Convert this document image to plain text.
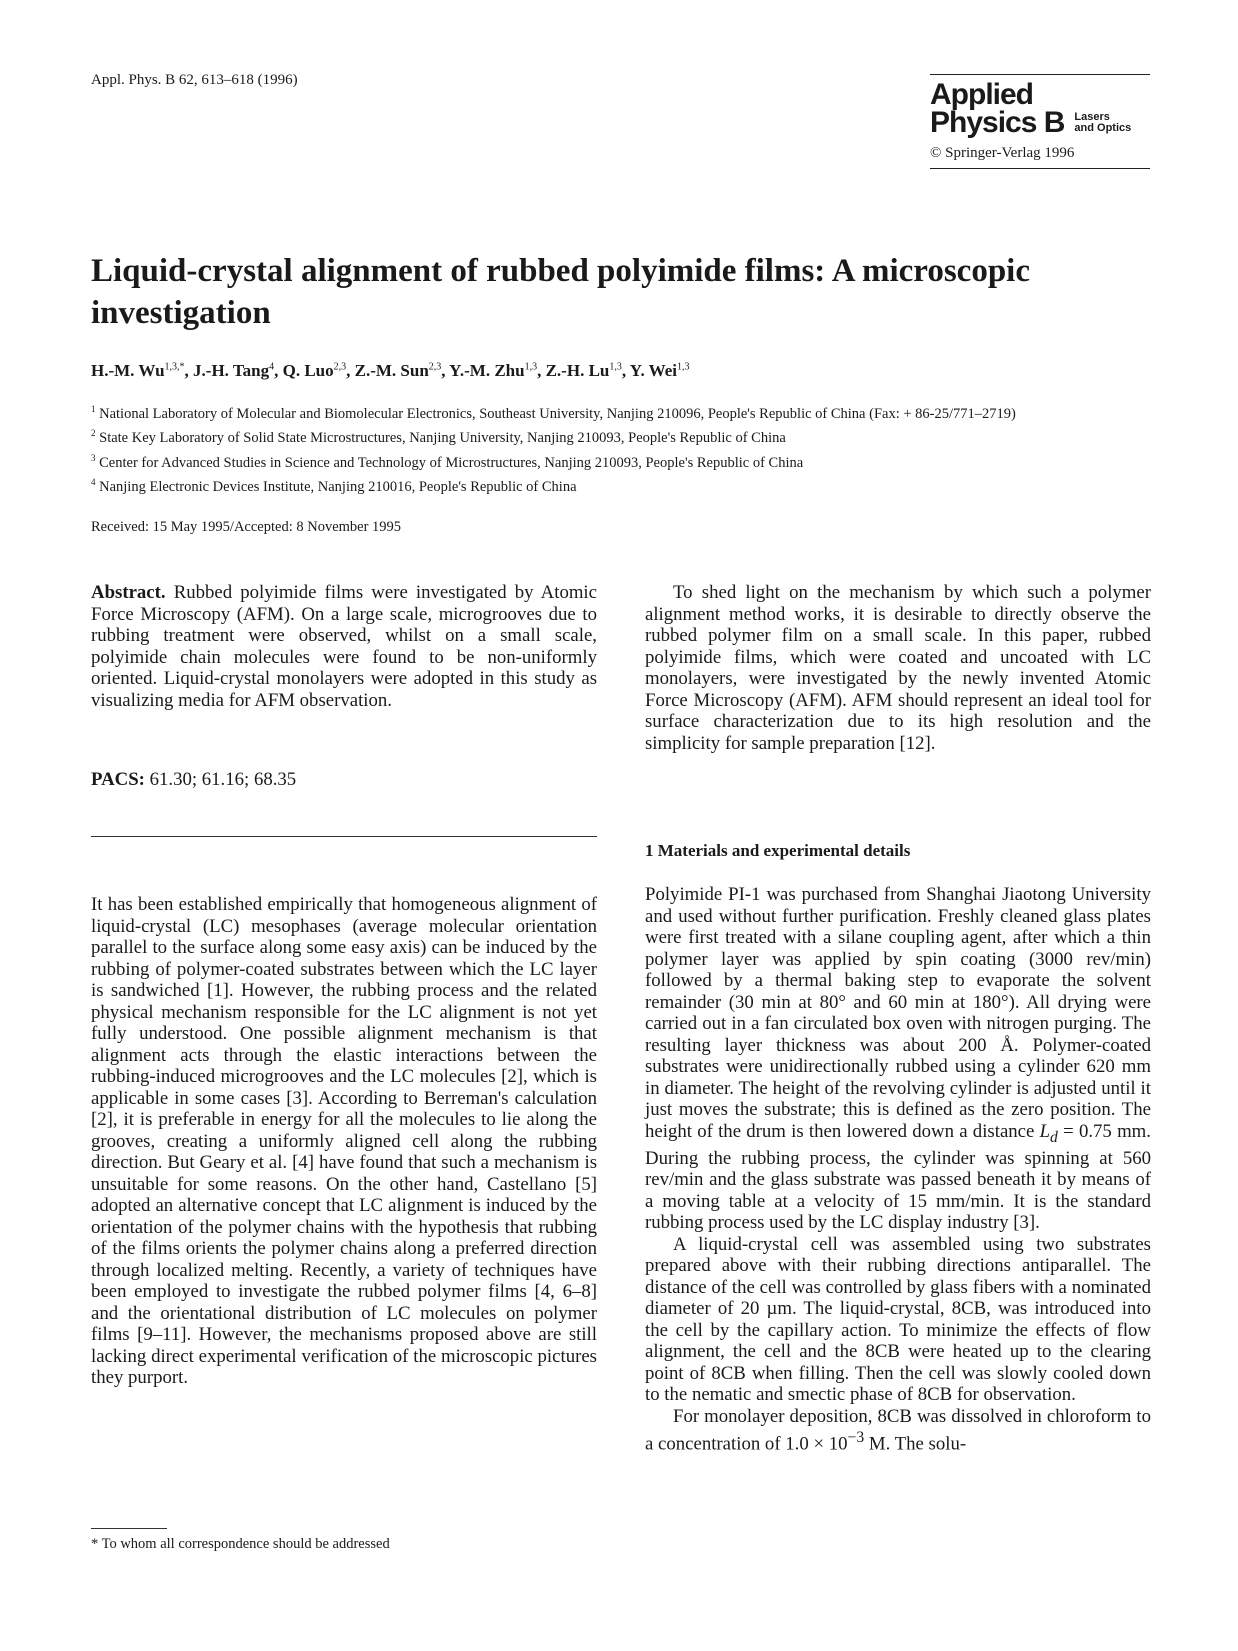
Appl. Phys. B 62, 613–618 (1996)	Applied
Physics B Lasers
and Optics
© Springer-Verlag 1996
Liquid-crystal alignment of rubbed polyimide films: A microscopic investigation
H.-M. $Wu^{1,3,*}$, J.-H. Tang$^4$, Q. Luo$^{2,3}$, Z.-M. Sun$^{2,3}$, Y.-M. Zhu$^{1,3}$, Z.-H. Lu$^{1,3}$, Y. Wei$^{1,3}$
$^1$ National Laboratory of Molecular and Biomolecular Electronics, Southeast University, Nanjing 210096, People's Republic of China (Fax: + 86-25/771–2719)
$^2$ State Key Laboratory of Solid State Microstructures, Nanjing University, Nanjing 210093, People's Republic of China
$^3$ Center for Advanced Studies in Science and Technology of Microstructures, Nanjing 210093, People's Republic of China
$^4$ Nanjing Electronic Devices Institute, Nanjing 210016, People's Republic of China
Received: 15 May 1995/Accepted: 8 November 1995

Abstract. Rubbed polyimide films were investigated by Atomic Force Microscopy (AFM). On a large scale, microgrooves due to rubbing treatment were observed, whilst on a small scale, polyimide chain molecules were found to be non-uniformly oriented. Liquid-crystal monolayers were adopted in this study as visualizing media for AFM observation.

PACS: 61.30; 61.16; 68.35

It has been established empirically that homogeneous alignment of liquid-crystal (LC) mesophases (average molecular orientation parallel to the surface along some easy axis) can be induced by the rubbing of polymer-coated substrates between which the LC layer is sandwiched [1]. However, the rubbing process and the related physical mechanism responsible for the LC alignment is not yet fully understood. One possible alignment mechanism is that alignment acts through the elastic interactions between the rubbing-induced microgrooves and the LC molecules [2], which is applicable in some cases [3]. According to Berreman's calculation [2], it is preferable in energy for all the molecules to lie along the grooves, creating a uniformly aligned cell along the rubbing direction. But Geary et al. [4] have found that such a mechanism is unsuitable for some reasons. On the other hand, Castellano [5] adopted an alternative concept that LC alignment is induced by the orientation of the polymer chains with the hypothesis that rubbing of the films orients the polymer chains along a preferred direction through localized melting. Recently, a variety of techniques have been employed to investigate the rubbed polymer films [4, 6–8] and the orientational distribution of LC molecules on polymer films [9–11]. However, the mechanisms proposed above are still lacking direct experimental verification of the microscopic pictures they purport.

* To whom all correspondence should be addressed

To shed light on the mechanism by which such a polymer alignment method works, it is desirable to directly observe the rubbed polymer film on a small scale. In this paper, rubbed polyimide films, which were coated and uncoated with LC monolayers, were investigated by the newly invented Atomic Force Microscopy (AFM). AFM should represent an ideal tool for surface characterization due to its high resolution and the simplicity for sample preparation [12].

1 Materials and experimental details

Polyimide PI-1 was purchased from Shanghai Jiaotong University and used without further purification. Freshly cleaned glass plates were first treated with a silane coupling agent, after which a thin polymer layer was applied by spin coating (3000 rev/min) followed by a thermal baking step to evaporate the solvent remainder (30 min at 80° and 60 min at 180°). All drying were carried out in a fan circulated box oven with nitrogen purging. The resulting layer thickness was about 200 Å. Polymer-coated substrates were unidirectionally rubbed using a cylinder 620 mm in diameter. The height of the revolving cylinder is adjusted until it just moves the substrate; this is defined as the zero position. The height of the drum is then lowered down a distance $L_d = 0.75$ mm. During the rubbing process, the cylinder was spinning at 560 rev/min and the glass substrate was passed beneath it by means of a moving table at a velocity of 15 mm/min. It is the standard rubbing process used by the LC display industry [3].

A liquid-crystal cell was assembled using two substrates prepared above with their rubbing directions antiparallel. The distance of the cell was controlled by glass fibers with a nominated diameter of 20 µm. The liquid-crystal, 8CB, was introduced into the cell by the capillary action. To minimize the effects of flow alignment, the cell and the 8CB were heated up to the clearing point of 8CB when filling. Then the cell was slowly cooled down to the nematic and smectic phase of 8CB for observation.

For monolayer deposition, 8CB was dissolved in chloroform to a concentration of $1.0 \times 10^{-3}$ M. The solu-
